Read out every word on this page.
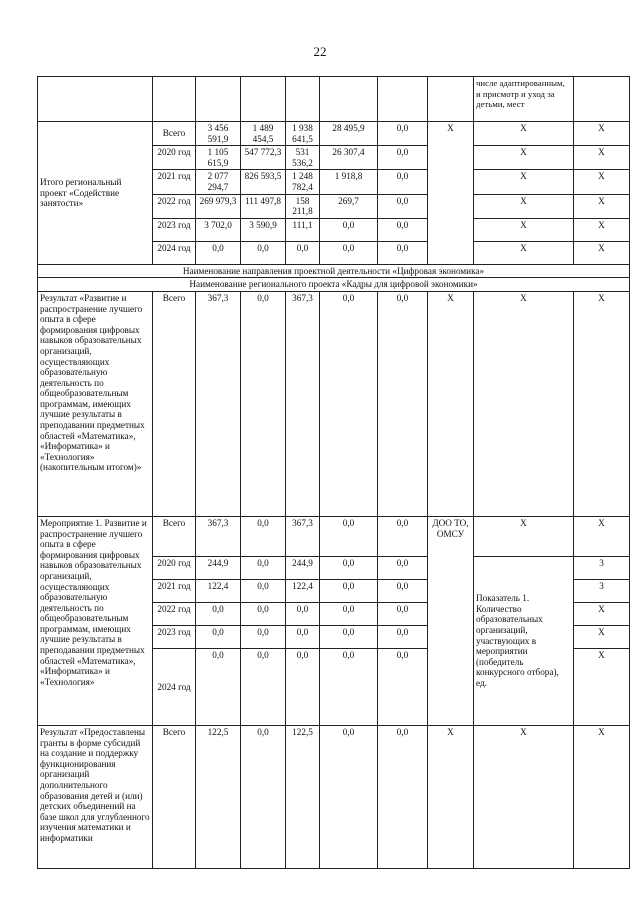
22
								числе адаптированным, и присмотр и уход за детьми, мест	
Итого региональный проект «Содействие занятости»	Всего	3 456 591,9	1 489 454,5	1 938 641,5	28 495,9	0,0	X	X	X
	2020 год	1 105 615,9	547 772,3	531 536,2	26 307,4	0,0		X	X
	2021 год	2 077 294,7	826 593,5	1 248 782,4	1 918,8	0,0		X	X
	2022 год	269 979,3	111 497,8	158 211,8	269,7	0,0		X	X
	2023 год	3 702,0	3 590,9	111,1	0,0	0,0		X	X
	2024 год	0,0	0,0	0,0	0,0	0,0		X	X
Наименование направления проектной деятельности «Цифровая экономика»									
Наименование регионального проекта «Кадры для цифровой экономики»									
Результат «Развитие и распространение лучшего опыта в сфере формирования цифровых навыков образовательных организаций, осуществляющих образовательную деятельность по общеобразовательным программам, имеющих лучшие результаты в преподавании предметных областей «Математика», «Информатика» и «Технология» (накопительным итогом)»	Всего	367,3	0,0	367,3	0,0	0,0	X	X	X
Мероприятие 1. Развитие и распространение лучшего опыта в сфере формирования цифровых навыков образовательных организаций, осуществляющих образовательную деятельность по общеобразовательным программам, имеющих лучшие результаты в преподавании предметных областей «Математика», «Информатика» и «Технология»	Всего	367,3	0,0	367,3	0,0	0,0	ДОО ТО, ОМСУ	X	X
	2020 год	244,9	0,0	244,9	0,0	0,0		Показатель 1. Количество образовательных организаций, участвующих в мероприятии (победитель конкурсного отбора), ед.	3
	2021 год	122,4	0,0	122,4	0,0	0,0			3
	2022 год	0,0	0,0	0,0	0,0	0,0			X
	2023 год	0,0	0,0	0,0	0,0	0,0			X
	2024 год	0,0	0,0	0,0	0,0	0,0			X
Результат «Предоставлены гранты в форме субсидий на создание и поддержку функционирования организаций дополнительного образования детей и (или) детских объединений на базе школ для углубленного изучения математики и информатики	Всего	122,5	0,0	122,5	0,0	0,0	X	X	X
